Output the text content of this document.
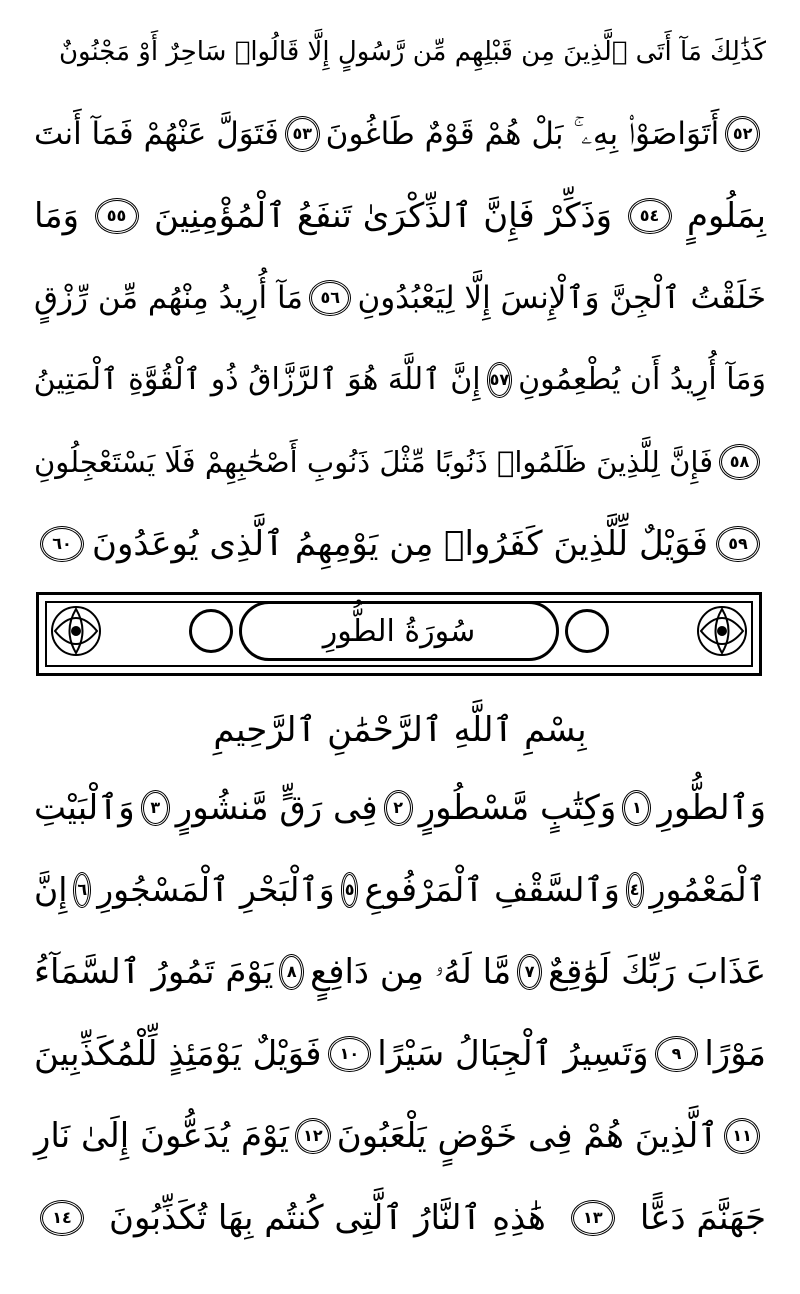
كَذَٰلِكَ مَآ أَتَى ٱلَّذِينَ مِن قَبْلِهِم مِّن رَّسُولٍ إِلَّا قَالُوا۟ سَاحِرٌ أَوْ مَجْنُونٌ
٥٢
أَتَوَاصَوْا۟ بِهِۦ ۚ بَلْ هُمْ قَوْمٌ طَاغُونَ
٥٣
فَتَوَلَّ عَنْهُمْ فَمَآ أَنتَ
بِمَلُومٍ
٥٤
وَذَكِّرْ فَإِنَّ ٱلذِّكْرَىٰ تَنفَعُ ٱلْمُؤْمِنِينَ
٥٥
وَمَا
خَلَقْتُ ٱلْجِنَّ وَٱلْإِنسَ إِلَّا لِيَعْبُدُونِ
٥٦
مَآ أُرِيدُ مِنْهُم مِّن رِّزْقٍ
وَمَآ أُرِيدُ أَن يُطْعِمُونِ
٥٧
إِنَّ ٱللَّهَ هُوَ ٱلرَّزَّاقُ ذُو ٱلْقُوَّةِ ٱلْمَتِينُ
٥٨
فَإِنَّ لِلَّذِينَ ظَلَمُوا۟ ذَنُوبًا مِّثْلَ ذَنُوبِ أَصْحَٰبِهِمْ فَلَا يَسْتَعْجِلُونِ
٥٩
فَوَيْلٌ لِّلَّذِينَ كَفَرُوا۟ مِن يَوْمِهِمُ ٱلَّذِى يُوعَدُونَ
٦٠
سُورَةُ الطُّورِ
بِسْمِ ٱللَّهِ ٱلرَّحْمَٰنِ ٱلرَّحِيمِ
وَٱلطُّورِ
١
وَكِتَٰبٍ مَّسْطُورٍ
٢
فِى رَقٍّ مَّنشُورٍ
٣
وَٱلْبَيْتِ
ٱلْمَعْمُورِ
٤
وَٱلسَّقْفِ ٱلْمَرْفُوعِ
٥
وَٱلْبَحْرِ ٱلْمَسْجُورِ
٦
إِنَّ
عَذَابَ رَبِّكَ لَوَٰقِعٌ
٧
مَّا لَهُۥ مِن دَافِعٍ
٨
يَوْمَ تَمُورُ ٱلسَّمَآءُ
مَوْرًا
٩
وَتَسِيرُ ٱلْجِبَالُ سَيْرًا
١٠
فَوَيْلٌ يَوْمَئِذٍ لِّلْمُكَذِّبِينَ
١١
ٱلَّذِينَ هُمْ فِى خَوْضٍ يَلْعَبُونَ
١٢
يَوْمَ يُدَعُّونَ إِلَىٰ نَارِ
جَهَنَّمَ دَعًّا
١٣
هَٰذِهِ ٱلنَّارُ ٱلَّتِى كُنتُم بِهَا تُكَذِّبُونَ
١٤
